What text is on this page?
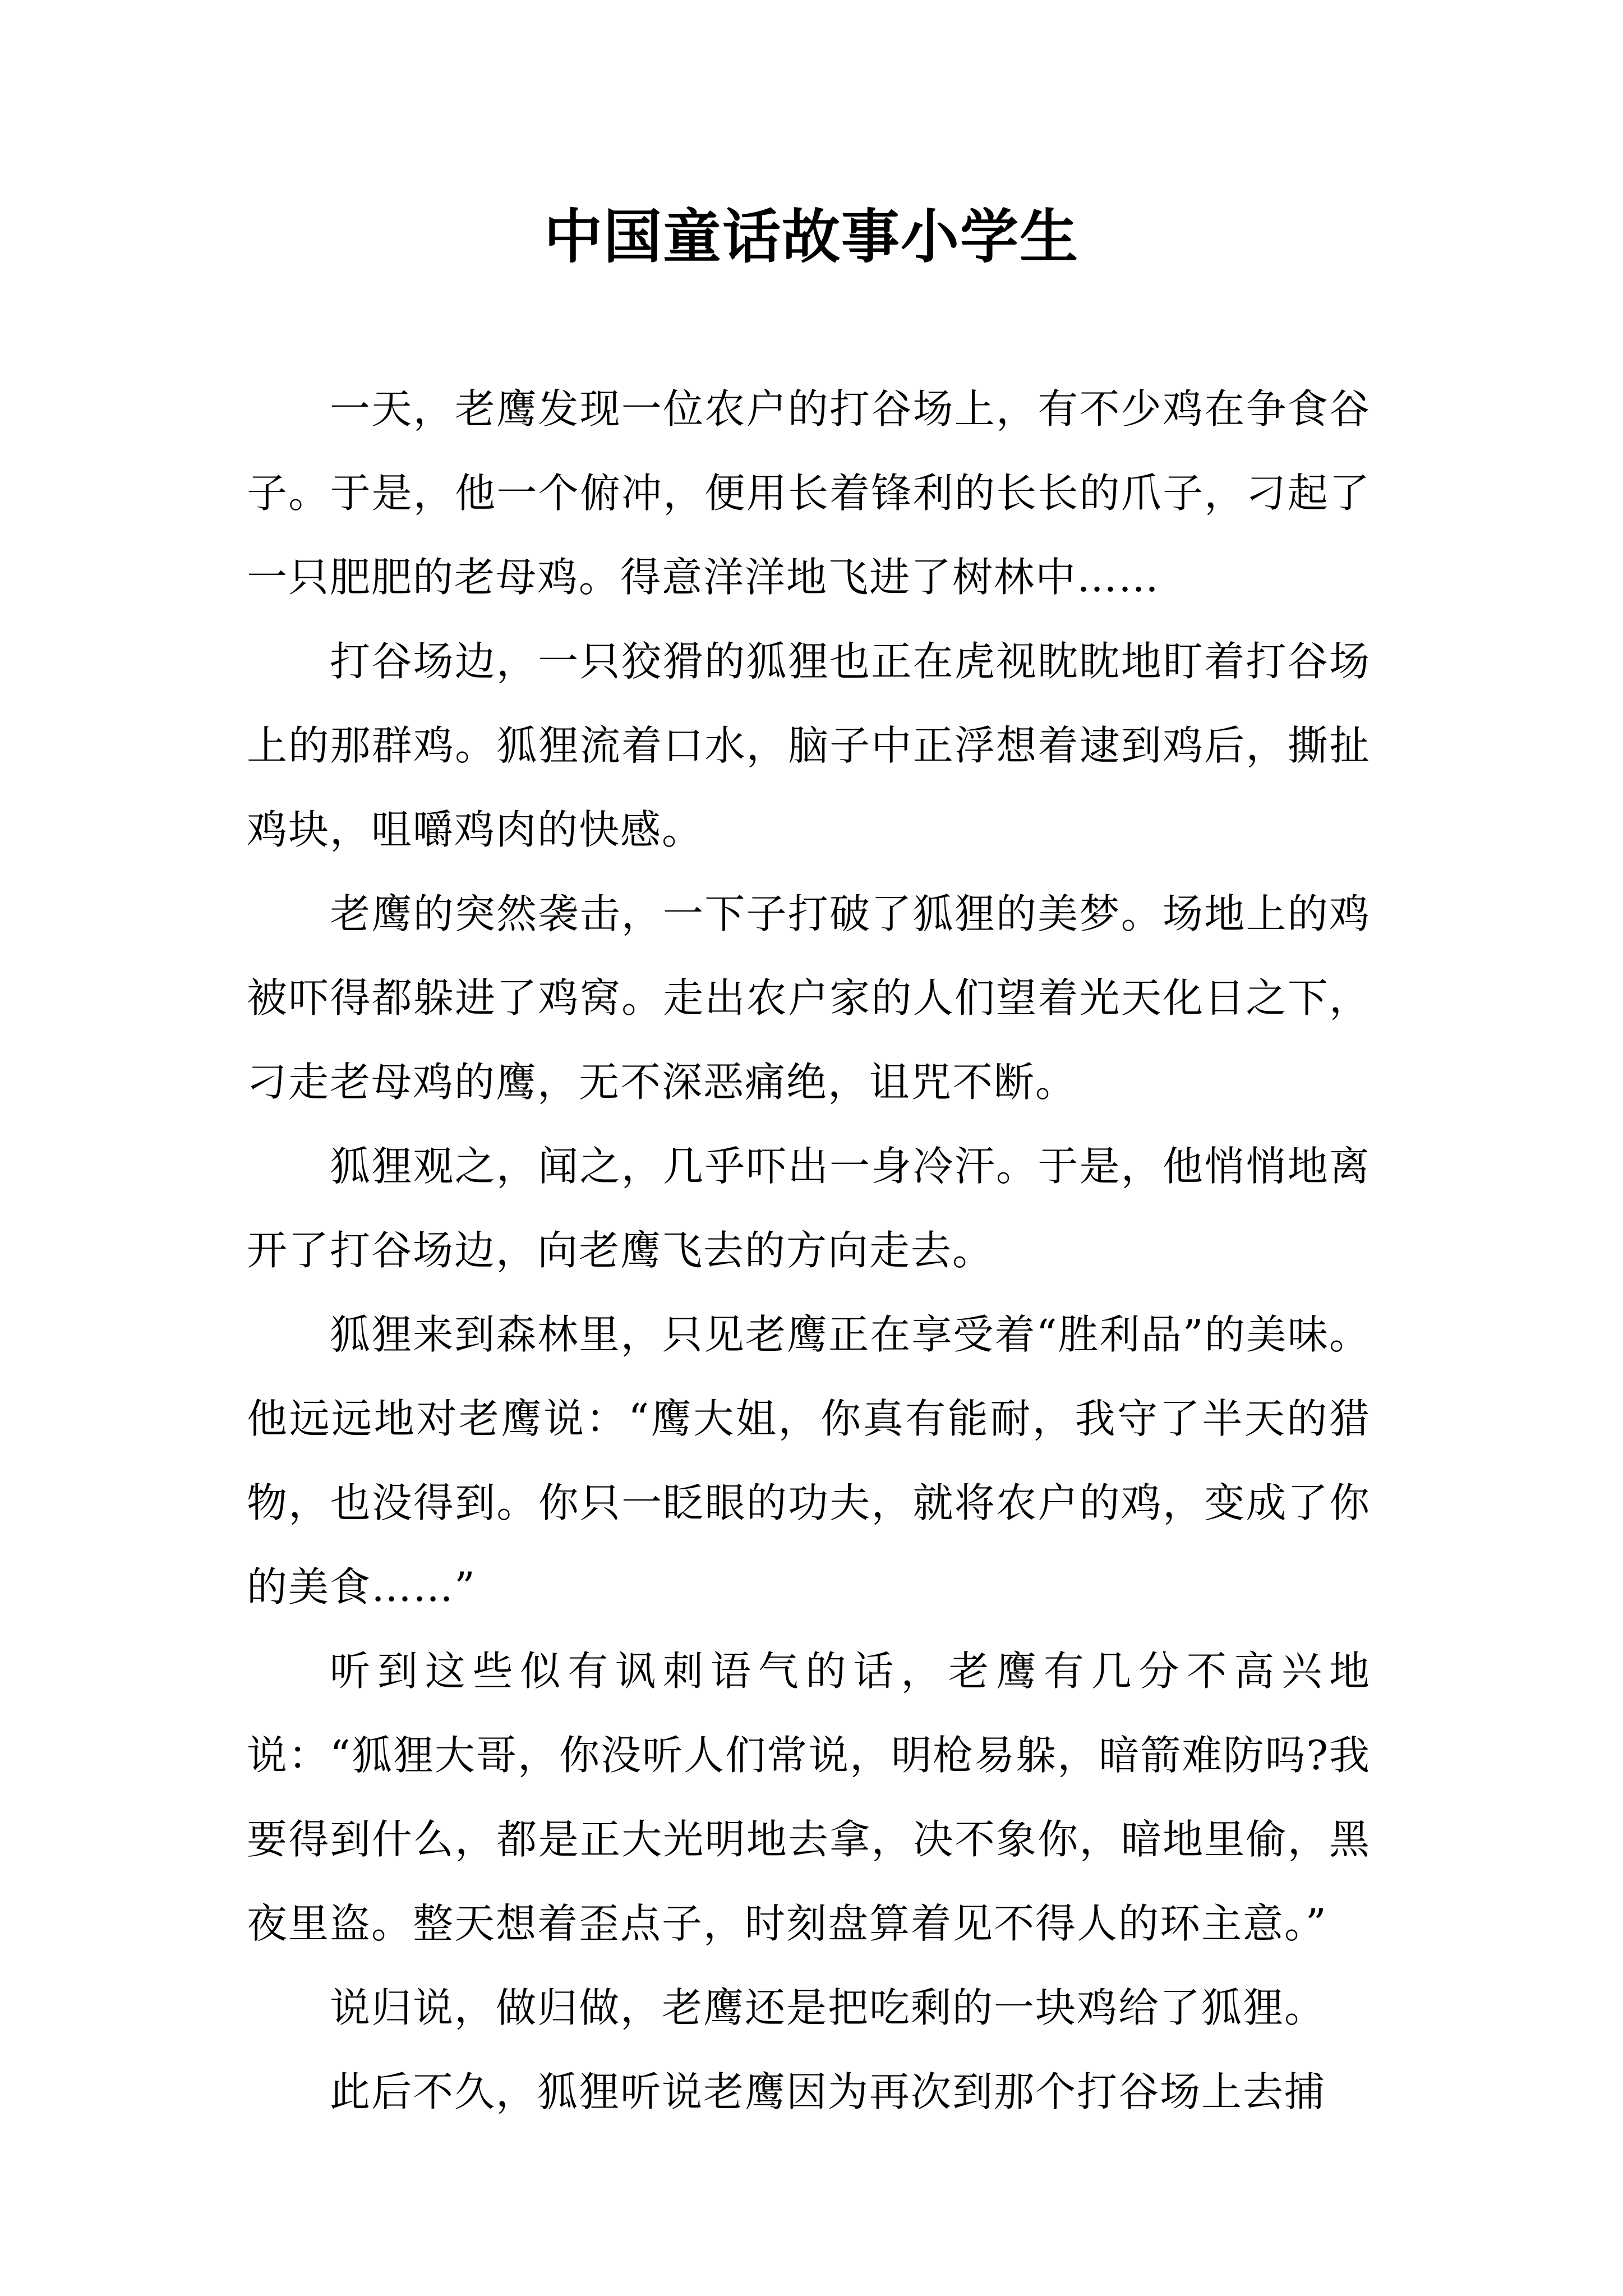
中国童话故事小学生

一天，老鹰发现一位农户的打谷场上，有不少鸡在争食谷子。于是，他一个俯冲，便用长着锋利的长长的爪子，刁起了一只肥肥的老母鸡。得意洋洋地飞进了树林中……

打谷场边，一只狡猾的狐狸也正在虎视眈眈地盯着打谷场上的那群鸡。狐狸流着口水，脑子中正浮想着逮到鸡后，撕扯鸡块，咀嚼鸡肉的快感。

老鹰的突然袭击，一下子打破了狐狸的美梦。场地上的鸡被吓得都躲进了鸡窝。走出农户家的人们望着光天化日之下，刁走老母鸡的鹰，无不深恶痛绝，诅咒不断。

狐狸观之，闻之，几乎吓出一身冷汗。于是，他悄悄地离开了打谷场边，向老鹰飞去的方向走去。

狐狸来到森林里，只见老鹰正在享受着“胜利品”的美味。他远远地对老鹰说：“鹰大姐，你真有能耐，我守了半天的猎物，也没得到。你只一眨眼的功夫，就将农户的鸡，变成了你的美食……”

听到这些似有讽刺语气的话，老鹰有几分不高兴地说：“狐狸大哥，你没听人们常说，明枪易躲，暗箭难防吗?我要得到什么，都是正大光明地去拿，决不象你，暗地里偷，黑夜里盗。整天想着歪点子，时刻盘算着见不得人的环主意。”

说归说，做归做，老鹰还是把吃剩的一块鸡给了狐狸。

此后不久，狐狸听说老鹰因为再次到那个打谷场上去捕
